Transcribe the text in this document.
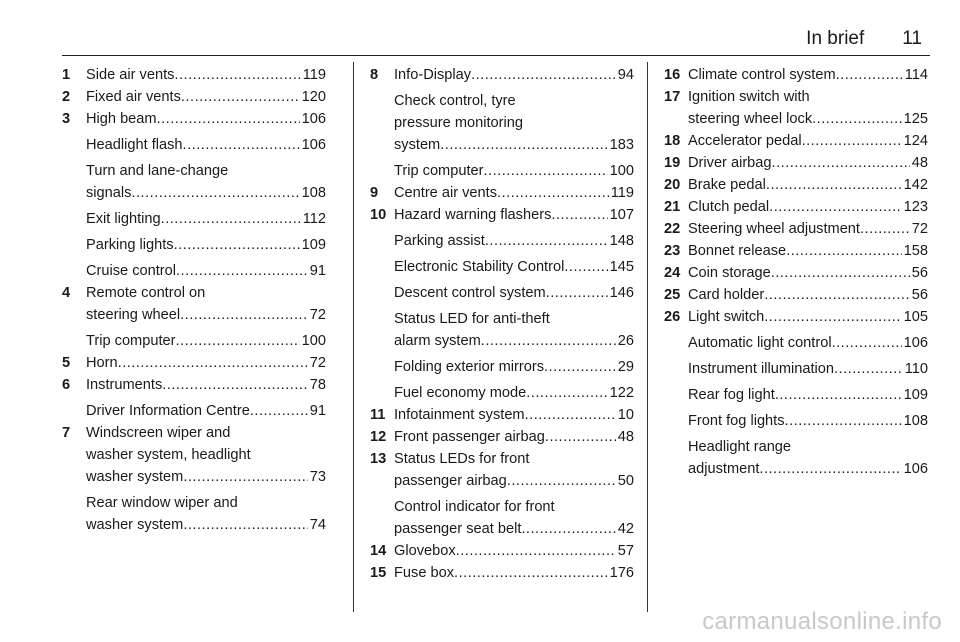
In brief 11
1	Side air vents .....	119
2	Fixed air vents .....	120
3	High beam .....	106
Headlight flash .....	106
Turn and lane-change
signals .....	108
Exit lighting .....	112
Parking lights .....	109
Cruise control .....	91
4	Remote control on
steering wheel .....	72
Trip computer .....	100
5	Horn .....	72
6	Instruments .....	78
Driver Information Centre .....	91
7	Windscreen wiper and
washer system, headlight
washer system .....	73
Rear window wiper and
washer system .....	74
8	Info-Display .....	94
Check control, tyre
pressure monitoring
system .....	183
Trip computer .....	100
9	Centre air vents .....	119
10 Hazard warning flashers .....	107
Parking assist .....	148
Electronic Stability Control .....	145
Descent control system .....	146
Status LED for anti-theft
alarm system .....	26
Folding exterior mirrors .....	29
Fuel economy mode .....	122
11 Infotainment system .....	10
12 Front passenger airbag .....	48
13 Status LEDs for front
passenger airbag .....	50
Control indicator for front
passenger seat belt .....	42
14 Glovebox .....	57
15 Fuse box .....	176
16 Climate control system .....	114
17 Ignition switch with
steering wheel lock .....	125
18 Accelerator pedal .....	124
19 Driver airbag .....	48
20 Brake pedal .....	142
21 Clutch pedal .....	123
22 Steering wheel adjustment .....	72
23 Bonnet release .....	158
24 Coin storage .....	56
25 Card holder .....	56
26 Light switch .....	105
Automatic light control .....	106
Instrument illumination .....	110
Rear fog light .....	109
Front fog lights .....	108
Headlight range
adjustment .....	106
carmanualsonline.info
